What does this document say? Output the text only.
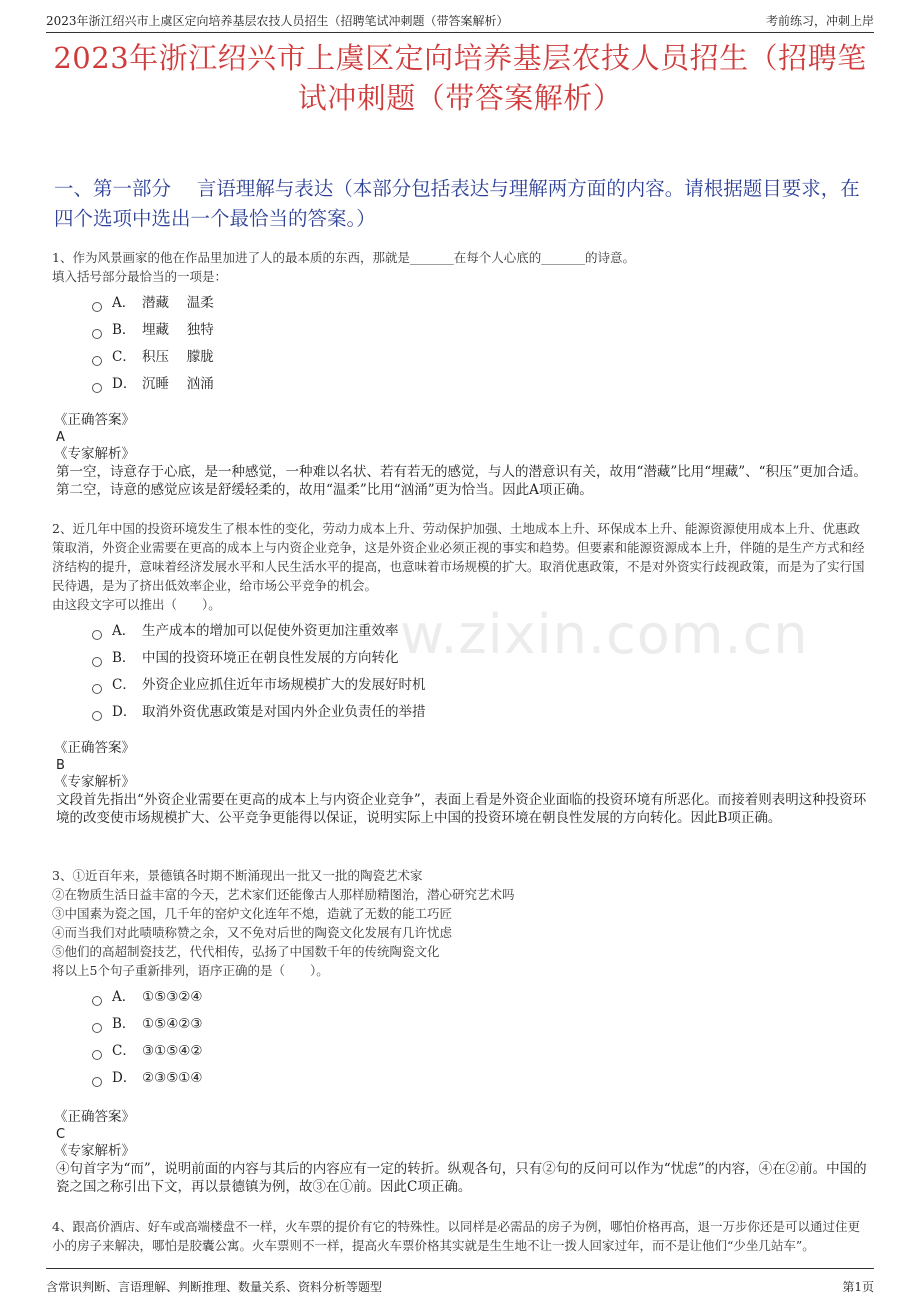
2023年浙江绍兴市上虞区定向培养基层农技人员招生（招聘笔试冲刺题（带答案解析）	考前练习，冲刺上岸
2023年浙江绍兴市上虞区定向培养基层农技人员招生（招聘笔试冲刺题（带答案解析）
一、第一部分　 言语理解与表达（本部分包括表达与理解两方面的内容。请根据题目要求，在四个选项中选出一个最恰当的答案。）
w.zixin.com.cn

1、作为风景画家的他在作品里加进了人的最本质的东西，那就是_______在每个人心底的_______的诗意。

填入括号部分最恰当的一项是：

A． 潜藏　 温柔
B． 埋藏　 独特
C． 积压　 朦胧
D． 沉睡　 汹涌
《正确答案》
A
《专家解析》
第一空，诗意存于心底，是一种感觉，一种难以名状、若有若无的感觉，与人的潜意识有关，故用“潜藏”比用“埋藏”、“积压”更加合适。第二空，诗意的感觉应该是舒缓轻柔的，故用“温柔”比用“汹涌”更为恰当。因此A项正确。

2、近几年中国的投资环境发生了根本性的变化，劳动力成本上升、劳动保护加强、土地成本上升、环保成本上升、能源资源使用成本上升、优惠政策取消，外资企业需要在更高的成本上与内资企业竞争，这是外资企业必须正视的事实和趋势。但要素和能源资源成本上升，伴随的是生产方式和经济结构的提升，意味着经济发展水平和人民生活水平的提高，也意味着市场规模的扩大。取消优惠政策，不是对外资实行歧视政策，而是为了实行国民待遇，是为了挤出低效率企业，给市场公平竞争的机会。

由这段文字可以推出（　　）。

A． 生产成本的增加可以促使外资更加注重效率
B． 中国的投资环境正在朝良性发展的方向转化
C． 外资企业应抓住近年市场规模扩大的发展好时机
D． 取消外资优惠政策是对国内外企业负责任的举措
《正确答案》
B
《专家解析》
文段首先指出“外资企业需要在更高的成本上与内资企业竞争”，表面上看是外资企业面临的投资环境有所恶化。而接着则表明这种投资环境的改变使市场规模扩大、公平竞争更能得以保证，说明实际上中国的投资环境在朝良性发展的方向转化。因此B项正确。

3、①近百年来，景德镇各时期不断涌现出一批又一批的陶瓷艺术家

②在物质生活日益丰富的今天，艺术家们还能像古人那样励精图治，潜心研究艺术吗

③中国素为瓷之国，几千年的窑炉文化连年不熄，造就了无数的能工巧匠

④而当我们对此啧啧称赞之余，又不免对后世的陶瓷文化发展有几许忧虑

⑤他们的高超制瓷技艺，代代相传，弘扬了中国数千年的传统陶瓷文化

将以上5个句子重新排列，语序正确的是（　　）。

A． ①⑤③②④
B． ①⑤④②③
C． ③①⑤④②
D． ②③⑤①④
《正确答案》
C
《专家解析》
④句首字为“而”，说明前面的内容与其后的内容应有一定的转折。纵观各句，只有②句的反问可以作为“忧虑”的内容，④在②前。中国的瓷之国之称引出下文，再以景德镇为例，故③在①前。因此C项正确。

4、跟高价酒店、好车或高端楼盘不一样，火车票的提价有它的特殊性。以同样是必需品的房子为例，哪怕价格再高，退一万步你还是可以通过住更小的房子来解决，哪怕是胶囊公寓。火车票则不一样，提高火车票价格其实就是生生地不让一拨人回家过年，而不是让他们“少坐几站车”。

含常识判断、言语理解、判断推理、数量关系、资料分析等题型	第1页
